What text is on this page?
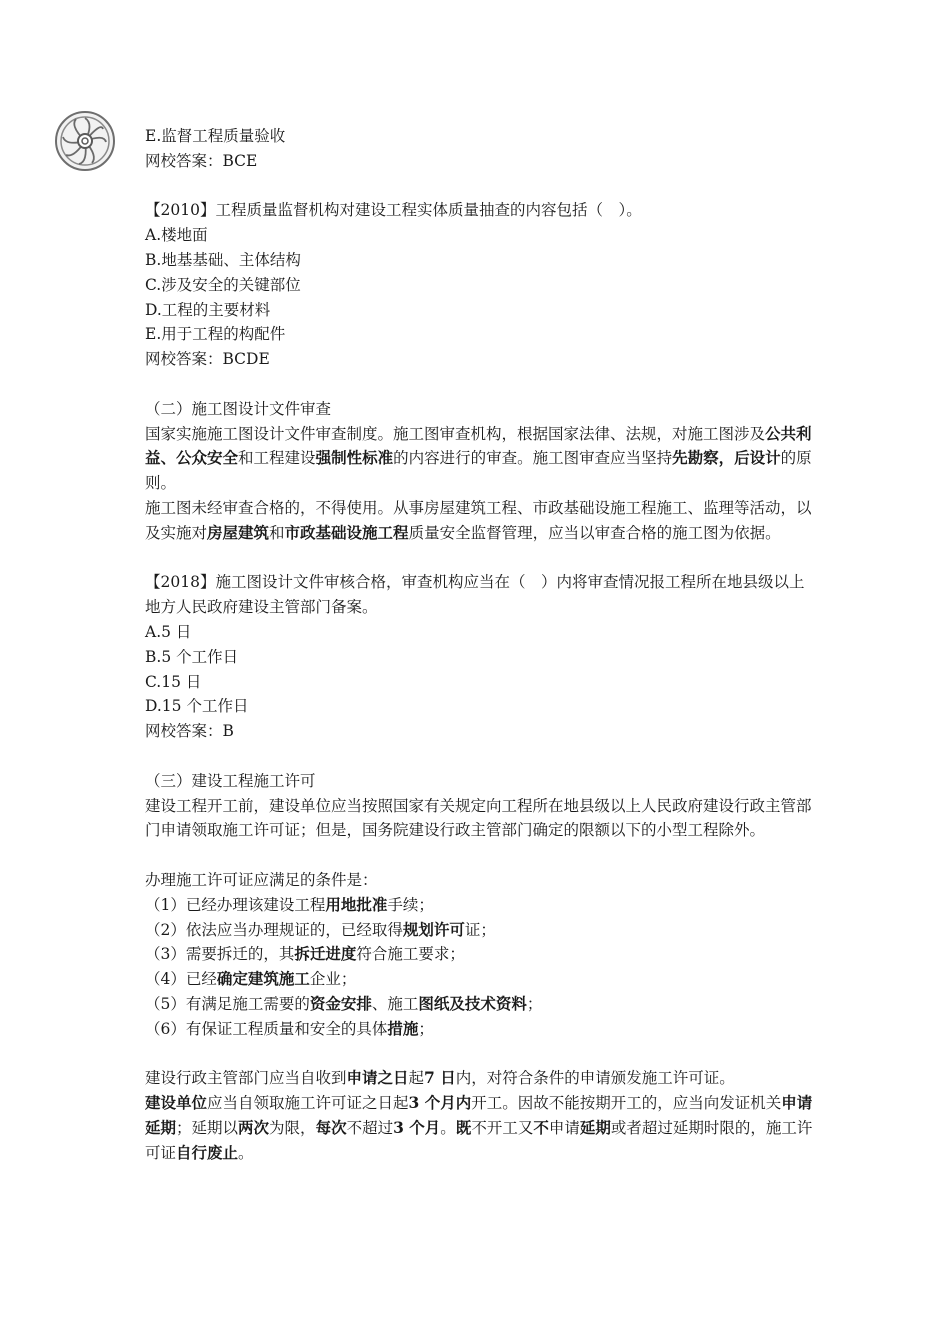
E.监督工程质量验收

网校答案：BCE

【2010】工程质量监督机构对建设工程实体质量抽查的内容包括（　）。

A.楼地面

B.地基基础、主体结构

C.涉及安全的关键部位

D.工程的主要材料

E.用于工程的构配件

网校答案：BCDE

（二）施工图设计文件审查

国家实施施工图设计文件审查制度。施工图审查机构，根据国家法律、法规，对施工图涉及公共利益、公众安全和工程建设强制性标准的内容进行的审查。施工图审查应当坚持先勘察，后设计的原则。

施工图未经审查合格的，不得使用。从事房屋建筑工程、市政基础设施工程施工、监理等活动，以及实施对房屋建筑和市政基础设施工程质量安全监督管理，应当以审查合格的施工图为依据。

【2018】施工图设计文件审核合格，审查机构应当在（　）内将审查情况报工程所在地县级以上地方人民政府建设主管部门备案。

A.5 日

B.5 个工作日

C.15 日

D.15 个工作日

网校答案：B

（三）建设工程施工许可

建设工程开工前，建设单位应当按照国家有关规定向工程所在地县级以上人民政府建设行政主管部门申请领取施工许可证；但是，国务院建设行政主管部门确定的限额以下的小型工程除外。

办理施工许可证应满足的条件是：

（1）已经办理该建设工程用地批准手续；

（2）依法应当办理规证的，已经取得规划许可证；

（3）需要拆迁的，其拆迁进度符合施工要求；

（4）已经确定建筑施工企业；

（5）有满足施工需要的资金安排、施工图纸及技术资料；

（6）有保证工程质量和安全的具体措施；

建设行政主管部门应当自收到申请之日起7 日内，对符合条件的申请颁发施工许可证。

建设单位应当自领取施工许可证之日起3 个月内开工。因故不能按期开工的，应当向发证机关申请延期；延期以两次为限，每次不超过3 个月。既不开工又不申请延期或者超过延期时限的，施工许可证自行废止。
